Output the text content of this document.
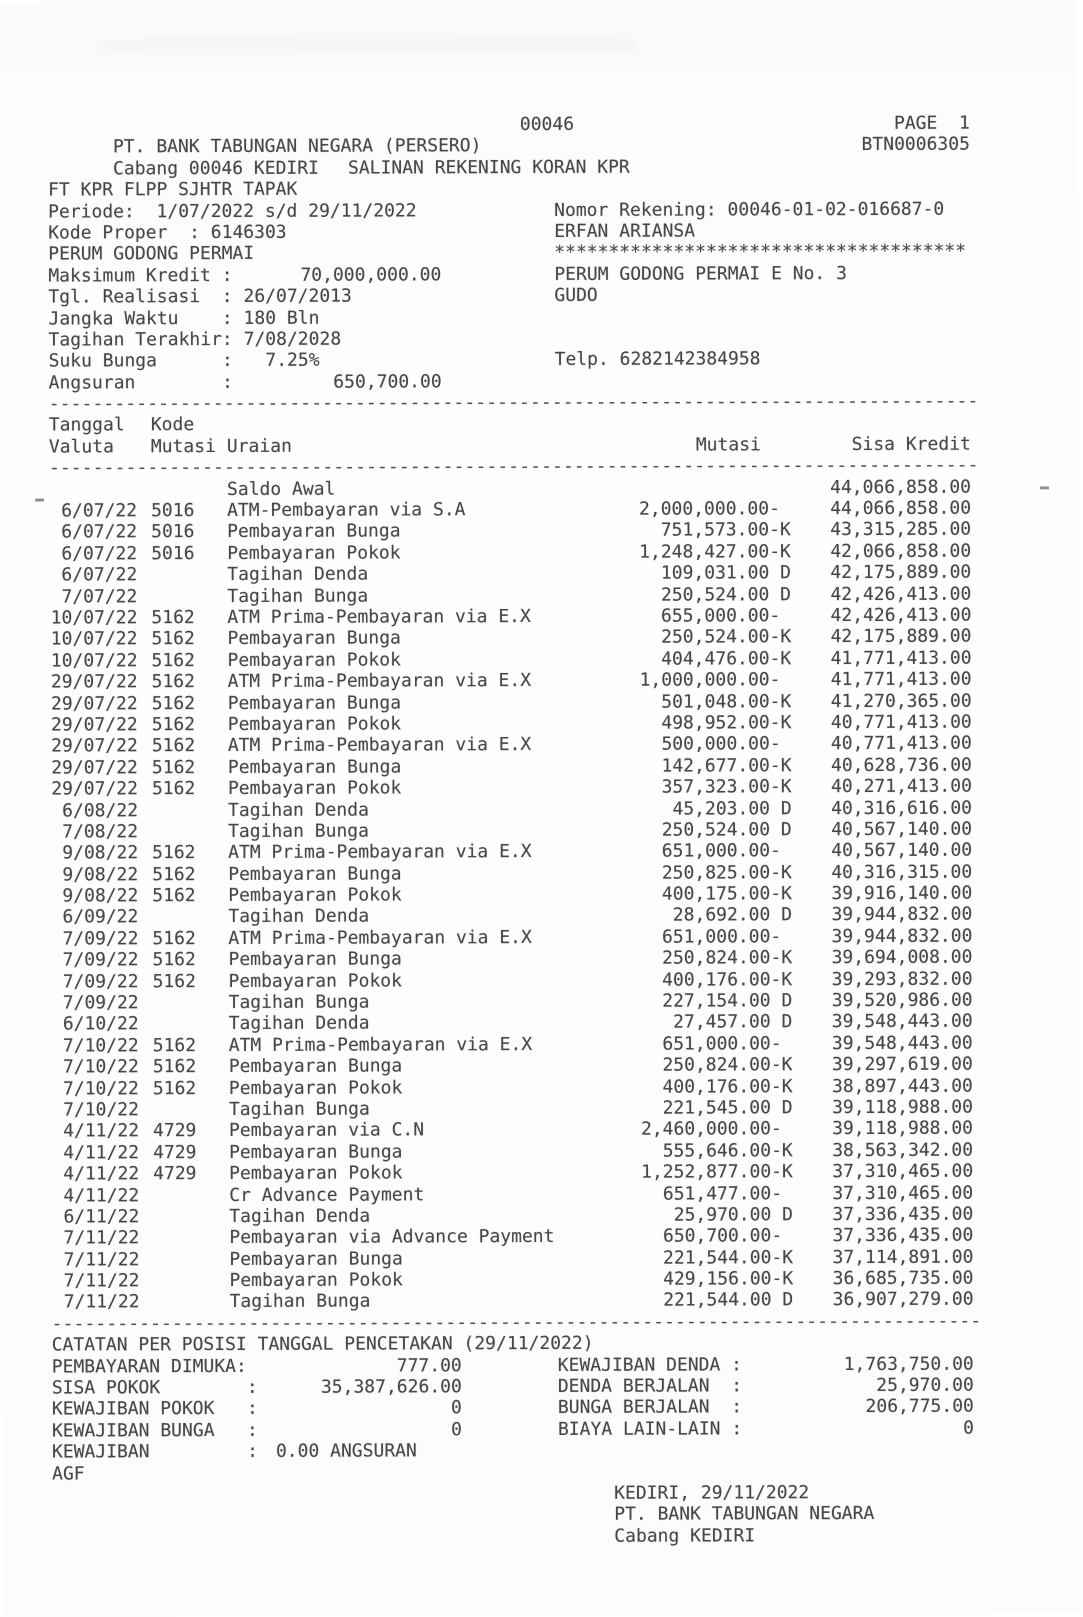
PT. BANK TABUNGAN NEGARA (PERSERO)

00046

	PAGE  1

Cabang 00046 KEDIRI

BTN0006305

SALINAN REKENING KORAN KPR
FT KPR FLPP SJHTR TAPAK
Periode:  1/07/2022 s/d 29/11/2022	Nomor Rekening: 00046-01-02-016687-0
Kode Proper  : 6146303	ERFAN ARIANSA
PERUM GODONG PERMAI	**************************************
Maksimum Kredit :	70,000,000.00	PERUM GODONG PERMAI E No. 3
Tgl. Realisasi  : 26/07/2013	GUDO
Jangka Waktu    : 180 Bln
Tagihan Terakhir: 7/08/2028
Suku Bunga      :   7.25%	Telp. 6282142384958
Angsuran        :	650,700.00
-------------------------------------------------------------------------------------
Tanggal	Kode
Valuta	Mutasi Uraian	Mutasi	Sisa Kredit
-------------------------------------------------------------------------------------
Saldo Awal	44,066,858.00
6/07/22 5016	ATM-Pembayaran via S.A	2,000,000.00 -	44,066,858.00
6/07/22 5016	Pembayaran Bunga	751,573.00 -K	43,315,285.00
6/07/22 5016	Pembayaran Pokok	1,248,427.00 -K	42,066,858.00
6/07/22	Tagihan Denda	109,031.00 D	42,175,889.00
7/07/22	Tagihan Bunga	250,524.00 D	42,426,413.00
10/07/22 5162	ATM Prima-Pembayaran via E.X	655,000.00 -	42,426,413.00
10/07/22 5162	Pembayaran Bunga	250,524.00 -K	42,175,889.00
10/07/22 5162	Pembayaran Pokok	404,476.00 -K	41,771,413.00
29/07/22 5162	ATM Prima-Pembayaran via E.X	1,000,000.00 -	41,771,413.00
29/07/22 5162	Pembayaran Bunga	501,048.00 -K	41,270,365.00
29/07/22 5162	Pembayaran Pokok	498,952.00 -K	40,771,413.00
29/07/22 5162	ATM Prima-Pembayaran via E.X	500,000.00 -	40,771,413.00
29/07/22 5162	Pembayaran Bunga	142,677.00 -K	40,628,736.00
29/07/22 5162	Pembayaran Pokok	357,323.00 -K	40,271,413.00
6/08/22	Tagihan Denda	45,203.00 D	40,316,616.00
7/08/22	Tagihan Bunga	250,524.00 D	40,567,140.00
9/08/22 5162	ATM Prima-Pembayaran via E.X	651,000.00 -	40,567,140.00
9/08/22 5162	Pembayaran Bunga	250,825.00 -K	40,316,315.00
9/08/22 5162	Pembayaran Pokok	400,175.00 -K	39,916,140.00
6/09/22	Tagihan Denda	28,692.00 D	39,944,832.00
7/09/22 5162	ATM Prima-Pembayaran via E.X	651,000.00 -	39,944,832.00
7/09/22 5162	Pembayaran Bunga	250,824.00 -K	39,694,008.00
7/09/22 5162	Pembayaran Pokok	400,176.00 -K	39,293,832.00
7/09/22	Tagihan Bunga	227,154.00 D	39,520,986.00
6/10/22	Tagihan Denda	27,457.00 D	39,548,443.00
7/10/22 5162	ATM Prima-Pembayaran via E.X	651,000.00 -	39,548,443.00
7/10/22 5162	Pembayaran Bunga	250,824.00 -K	39,297,619.00
7/10/22 5162	Pembayaran Pokok	400,176.00 -K	38,897,443.00
7/10/22	Tagihan Bunga	221,545.00 D	39,118,988.00
4/11/22 4729	Pembayaran via C.N	2,460,000.00 -	39,118,988.00
4/11/22 4729	Pembayaran Bunga	555,646.00 -K	38,563,342.00
4/11/22 4729	Pembayaran Pokok	1,252,877.00 -K	37,310,465.00
4/11/22	Cr Advance Payment	651,477.00 -	37,310,465.00
6/11/22	Tagihan Denda	25,970.00 D	37,336,435.00
7/11/22	Pembayaran via Advance Payment	650,700.00 -	37,336,435.00
7/11/22	Pembayaran Bunga	221,544.00 -K	37,114,891.00
7/11/22	Pembayaran Pokok	429,156.00 -K	36,685,735.00
7/11/22	Tagihan Bunga	221,544.00 D	36,907,279.00
-------------------------------------------------------------------------------------
CATATAN PER POSISI TANGGAL PENCETAKAN (29/11/2022)
PEMBAYARAN DIMUKA:	777.00
SISA POKOK        :	35,387,626.00
KEWAJIBAN POKOK   :	0
KEWAJIBAN BUNGA   :	0
KEWAJIBAN         : 0.00 ANGSURAN
AGF
KEWAJIBAN DENDA :	1,763,750.00
DENDA BERJALAN  :	25,970.00
BUNGA BERJALAN  :	206,775.00
BIAYA LAIN-LAIN :	0
KEDIRI, 29/11/2022
PT. BANK TABUNGAN NEGARA
Cabang KEDIRI
